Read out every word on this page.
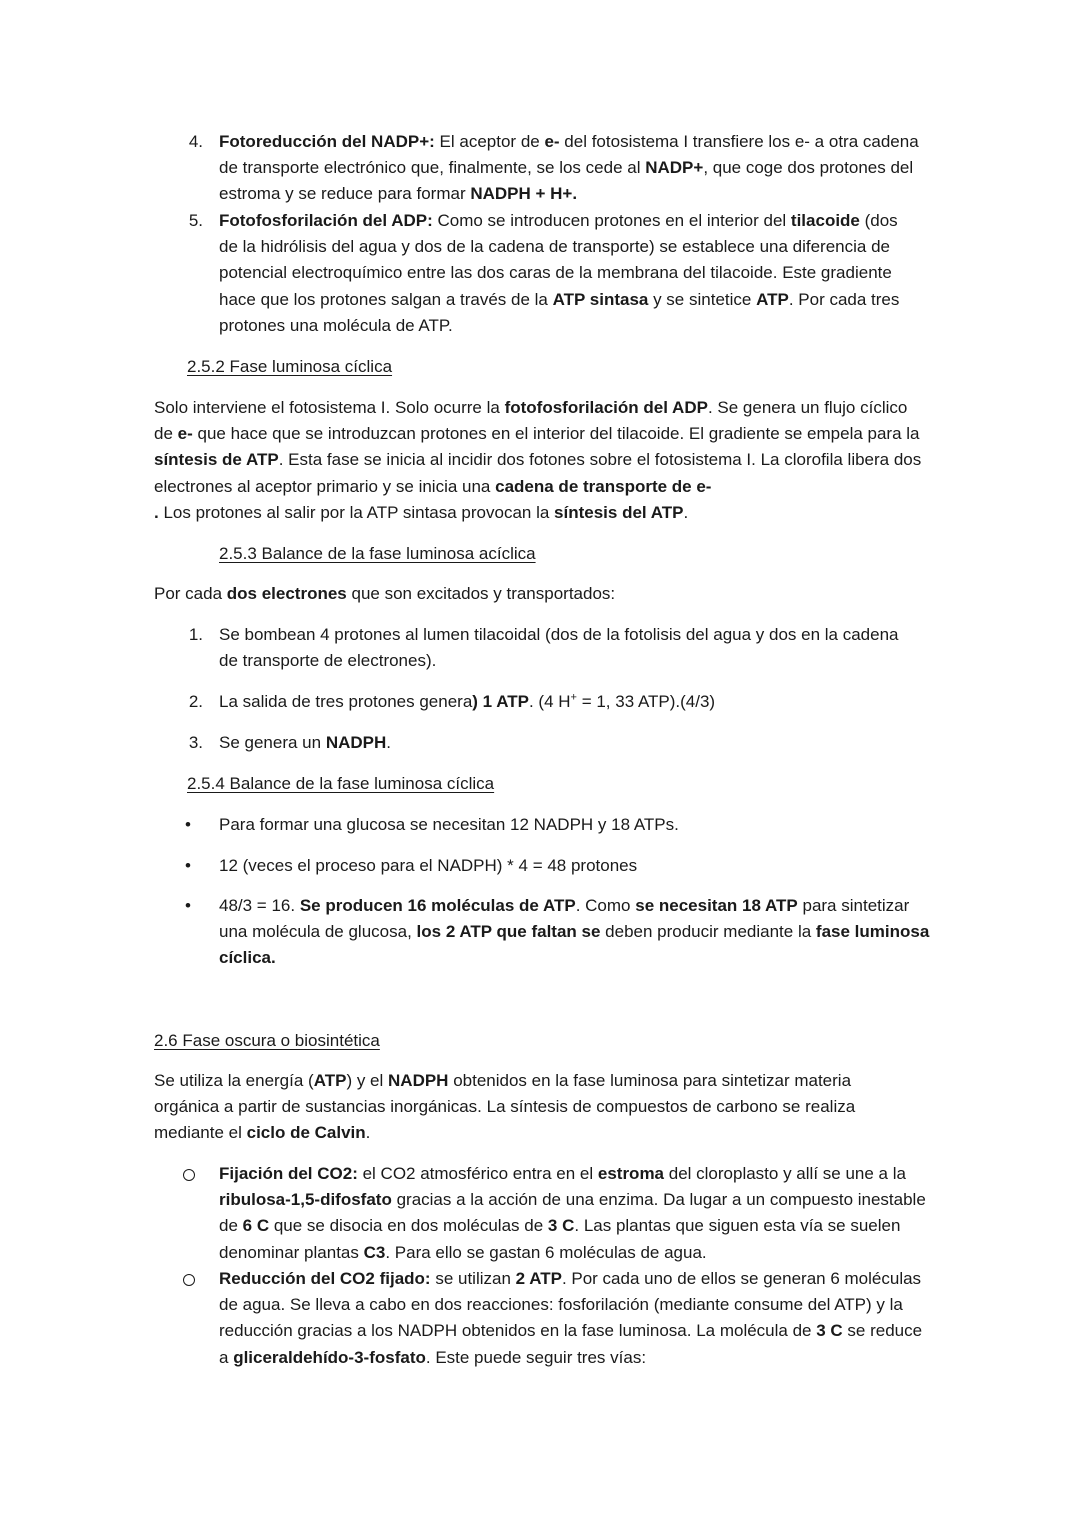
4. Fotoreducción del NADP+: El aceptor de e- del fotosistema I transfiere los e- a otra cadena de transporte electrónico que, finalmente, se los cede al NADP+, que coge dos protones del estroma y se reduce para formar NADPH + H+.
5. Fotofosforilación del ADP: Como se introducen protones en el interior del tilacoide (dos de la hidrólisis del agua y dos de la cadena de transporte) se establece una diferencia de potencial electroquímico entre las dos caras de la membrana del tilacoide. Este gradiente hace que los protones salgan a través de la ATP sintasa y se sintetice ATP. Por cada tres protones una molécula de ATP.
2.5.2 Fase luminosa cíclica
Solo interviene el fotosistema I. Solo ocurre la fotofosforilación del ADP. Se genera un flujo cíclico de e- que hace que se introduzcan protones en el interior del tilacoide. El gradiente se empela para la síntesis de ATP. Esta fase se inicia al incidir dos fotones sobre el fotosistema I. La clorofila libera dos electrones al aceptor primario y se inicia una cadena de transporte de e-
. Los protones al salir por la ATP sintasa provocan la síntesis del ATP.
2.5.3 Balance de la fase luminosa acíclica
Por cada dos electrones que son excitados y transportados:
1. Se bombean 4 protones al lumen tilacoidal (dos de la fotolisis del agua y dos en la cadena de transporte de electrones).
2. La salida de tres protones genera) 1 ATP. (4 H+ = 1, 33 ATP).(4/3)
3. Se genera un NADPH.
2.5.4 Balance de la fase luminosa cíclica
•	Para formar una glucosa se necesitan 12 NADPH y 18 ATPs.
•	12 (veces el proceso para el NADPH) * 4 = 48 protones
•	48/3 = 16. Se producen 16 moléculas de ATP. Como se necesitan 18 ATP para sintetizar una molécula de glucosa, los 2 ATP que faltan se deben producir mediante la fase luminosa cíclica.
2.6 Fase oscura o biosintética
Se utiliza la energía (ATP) y el NADPH obtenidos en la fase luminosa para sintetizar materia orgánica a partir de sustancias inorgánicas. La síntesis de compuestos de carbono se realiza mediante el ciclo de Calvin.
Fijación del CO2: el CO2 atmosférico entra en el estroma del cloroplasto y allí se une a la ribulosa-1,5-difosfato gracias a la acción de una enzima. Da lugar a un compuesto inestable de 6 C que se disocia en dos moléculas de 3 C. Las plantas que siguen esta vía se suelen denominar plantas C3. Para ello se gastan 6 moléculas de agua.
Reducción del CO2 fijado: se utilizan 2 ATP. Por cada uno de ellos se generan 6 moléculas de agua. Se lleva a cabo en dos reacciones: fosforilación (mediante consume del ATP) y la reducción gracias a los NADPH obtenidos en la fase luminosa. La molécula de 3 C se reduce a gliceraldehído-3-fosfato. Este puede seguir tres vías:
